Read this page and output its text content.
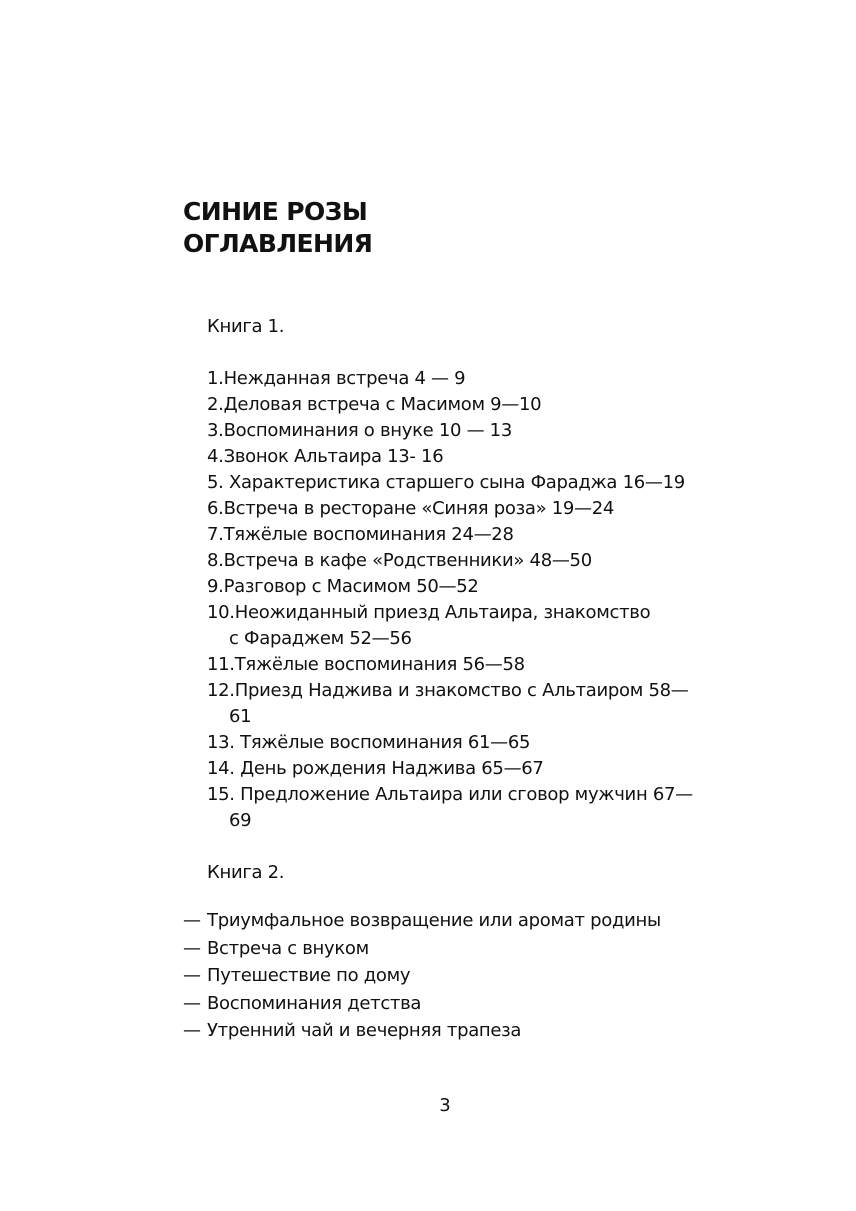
СИНИЕ РОЗЫ
ОГЛАВЛЕНИЯ
Книга 1.
1.Нежданная встреча 4 — 9
2.Деловая встреча с Масимом 9—10
3.Воспоминания о внуке 10 — 13
4.Звонок Альтаира 13- 16
5. Характеристика старшего сына Фараджа 16—19
6.Встреча в ресторане «Синяя роза» 19—24
7.Тяжёлые воспоминания 24—28
8.Встреча в кафе «Родственники» 48—50
9.Разговор с Масимом 50—52
10.Неожиданный приезд Альтаира, знакомство
с Фараджем 52—56
11.Тяжёлые воспоминания 56—58
12.Приезд Наджива и знакомство с Альтаиром 58—
61
13. Тяжёлые воспоминания 61—65
14. День рождения Наджива 65—67
15. Предложение Альтаира или сговор мужчин 67—
69
Книга 2.
— Триумфальное возвращение или аромат родины
— Встреча с внуком
— Путешествие по дому
— Воспоминания детства
— Утренний чай и вечерняя трапеза
3
